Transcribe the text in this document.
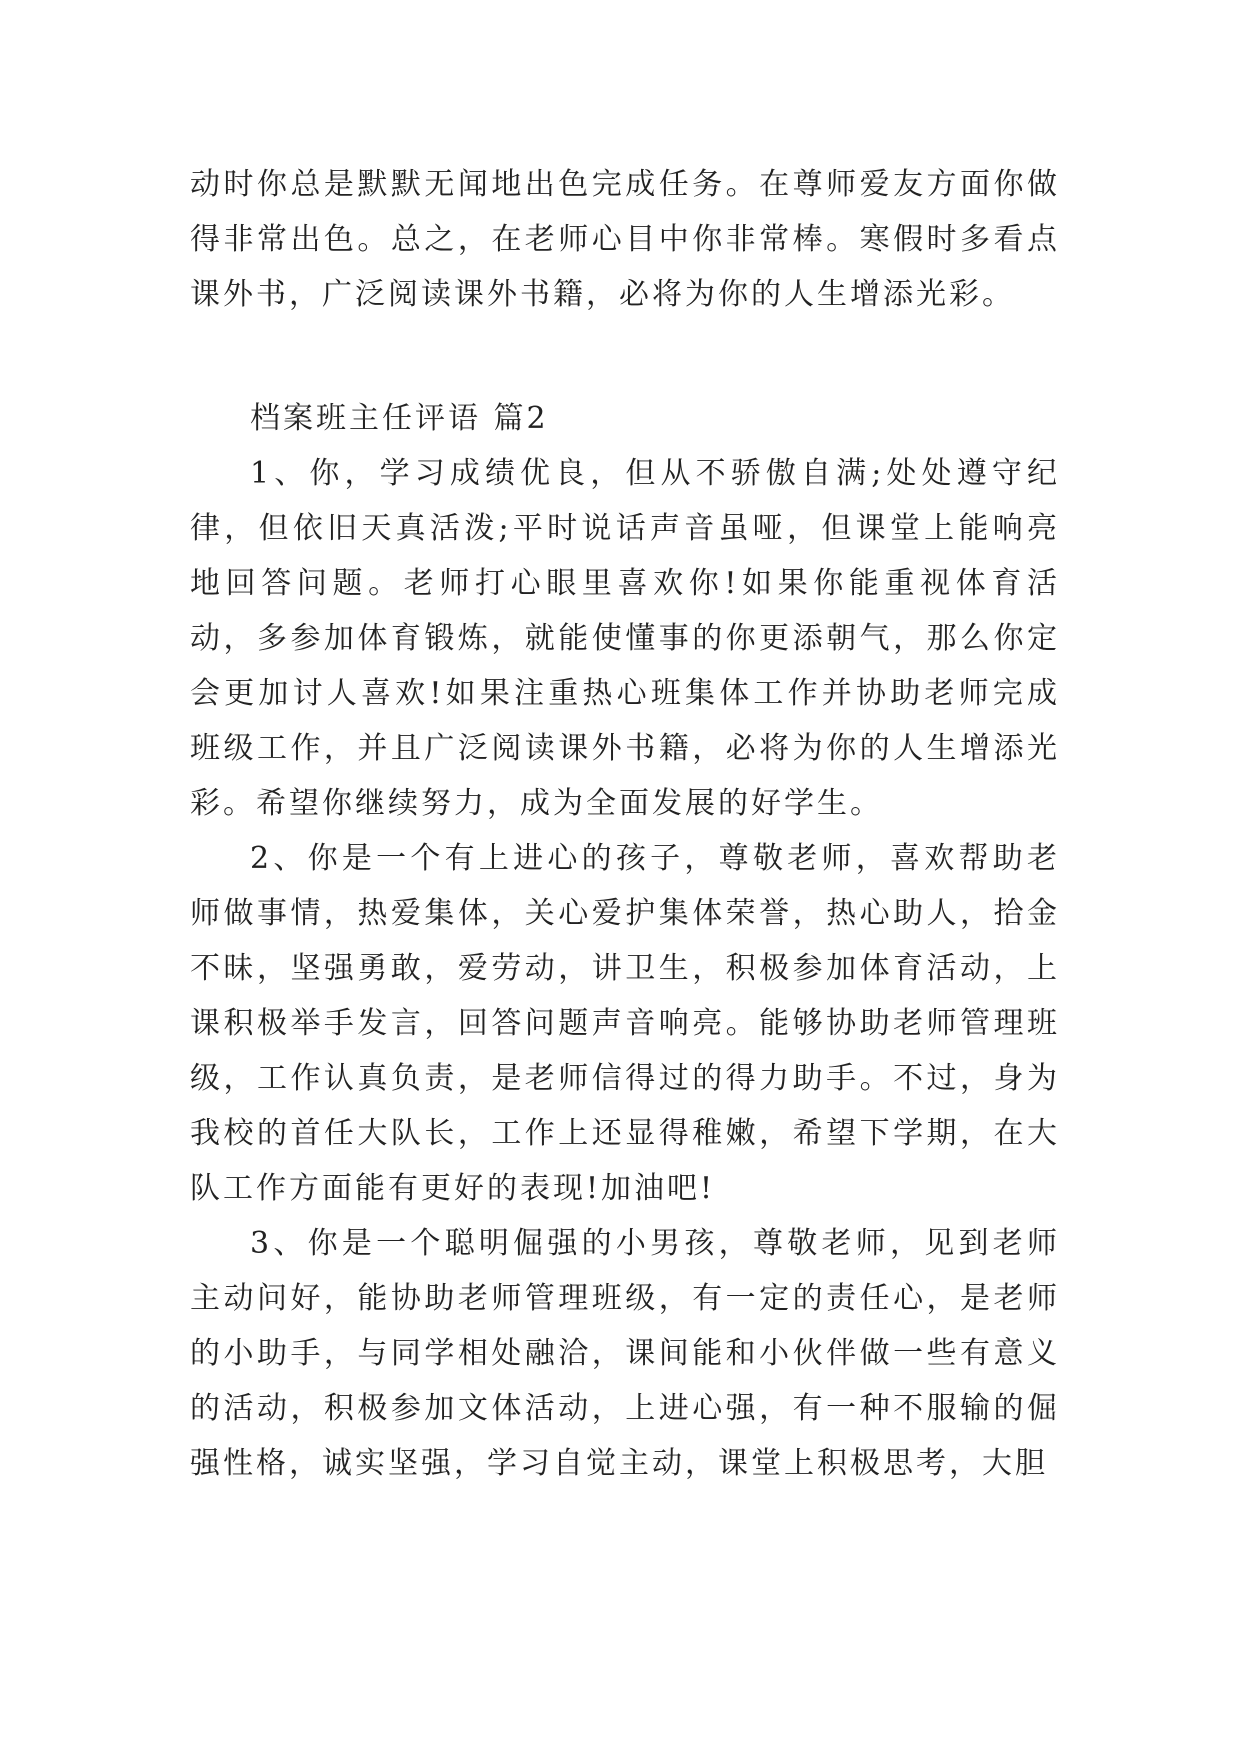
动时你总是默默无闻地出色完成任务。在尊师爱友方面你做得非常出色。总之，在老师心目中你非常棒。寒假时多看点课外书，广泛阅读课外书籍，必将为你的人生增添光彩。

档案班主任评语 篇2

1、你，学习成绩优良，但从不骄傲自满;处处遵守纪律，但依旧天真活泼;平时说话声音虽哑，但课堂上能响亮地回答问题。老师打心眼里喜欢你!如果你能重视体育活动，多参加体育锻炼，就能使懂事的你更添朝气，那么你定会更加讨人喜欢!如果注重热心班集体工作并协助老师完成班级工作，并且广泛阅读课外书籍，必将为你的人生增添光彩。希望你继续努力，成为全面发展的好学生。

2、你是一个有上进心的孩子，尊敬老师，喜欢帮助老师做事情，热爱集体，关心爱护集体荣誉，热心助人，拾金不昧，坚强勇敢，爱劳动，讲卫生，积极参加体育活动，上课积极举手发言，回答问题声音响亮。能够协助老师管理班级，工作认真负责，是老师信得过的得力助手。不过，身为我校的首任大队长，工作上还显得稚嫩，希望下学期，在大队工作方面能有更好的表现!加油吧!

3、你是一个聪明倔强的小男孩，尊敬老师，见到老师主动问好，能协助老师管理班级，有一定的责任心，是老师的小助手，与同学相处融洽，课间能和小伙伴做一些有意义的活动，积极参加文体活动，上进心强，有一种不服输的倔强性格，诚实坚强，学习自觉主动，课堂上积极思考，大胆
